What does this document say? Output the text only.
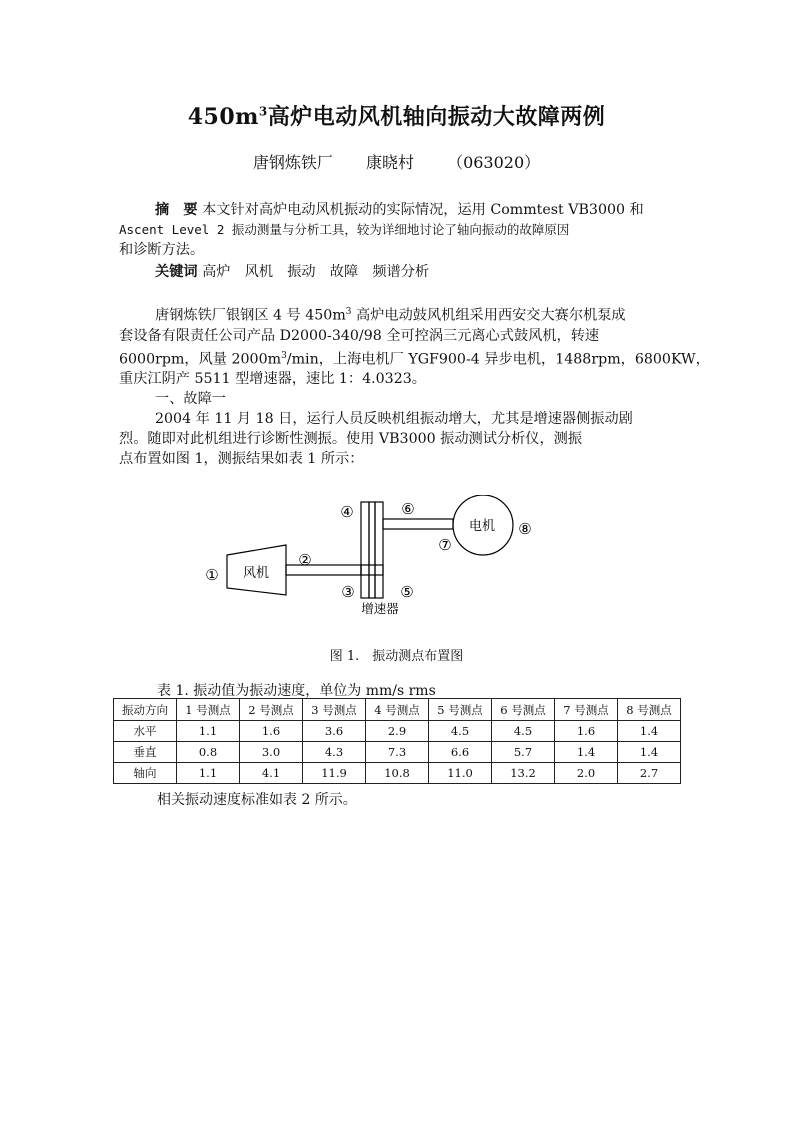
$450m^3$高炉电动风机轴向振动大故障两例
唐钢炼铁厂 康晓村 （063020）

摘　要 本文针对高炉电动风机振动的实际情况，运用 Commtest VB3000 和

Ascent Level 2 振动测量与分析工具，较为详细地讨论了轴向振动的故障原因

和诊断方法。

关键词 高炉　风机　振动　故障　频谱分析

唐钢炼铁厂银钢区 4 号 $450m^3$ 高炉电动鼓风机组采用西安交大赛尔机泵成

套设备有限责任公司产品 D2000-340/98 全可控涡三元离心式鼓风机，转速

6000rpm，风量 $2000m^3/\min$，上海电机厂 YGF900-4 异步电机，1488rpm，6800KW，

重庆江阴产 5511 型增速器，速比 1：4.0323。

一、故障一

2004 年 11 月 18 日，运行人员反映机组振动增大，尤其是增速器侧振动剧

烈。随即对此机组进行诊断性测振。使用 VB3000 振动测试分析仪，测振

点布置如图 1，测振结果如表 1 所示：

风机
电机
增速器
①
②
③
④
⑤
⑥
⑦
⑧
图 1.　振动测点布置图
表 1. 振动值为振动速度，单位为 mm/s rms
振动方向	1 号测点	2 号测点	3 号测点	4 号测点	5 号测点	6 号测点	7 号测点	8 号测点
水平	1.1	1.6	3.6	2.9	4.5	4.5	1.6	1.4
垂直	0.8	3.0	4.3	7.3	6.6	5.7	1.4	1.4
轴向	1.1	4.1	11.9	10.8	11.0	13.2	2.0	2.7
相关振动速度标准如表 2 所示。
